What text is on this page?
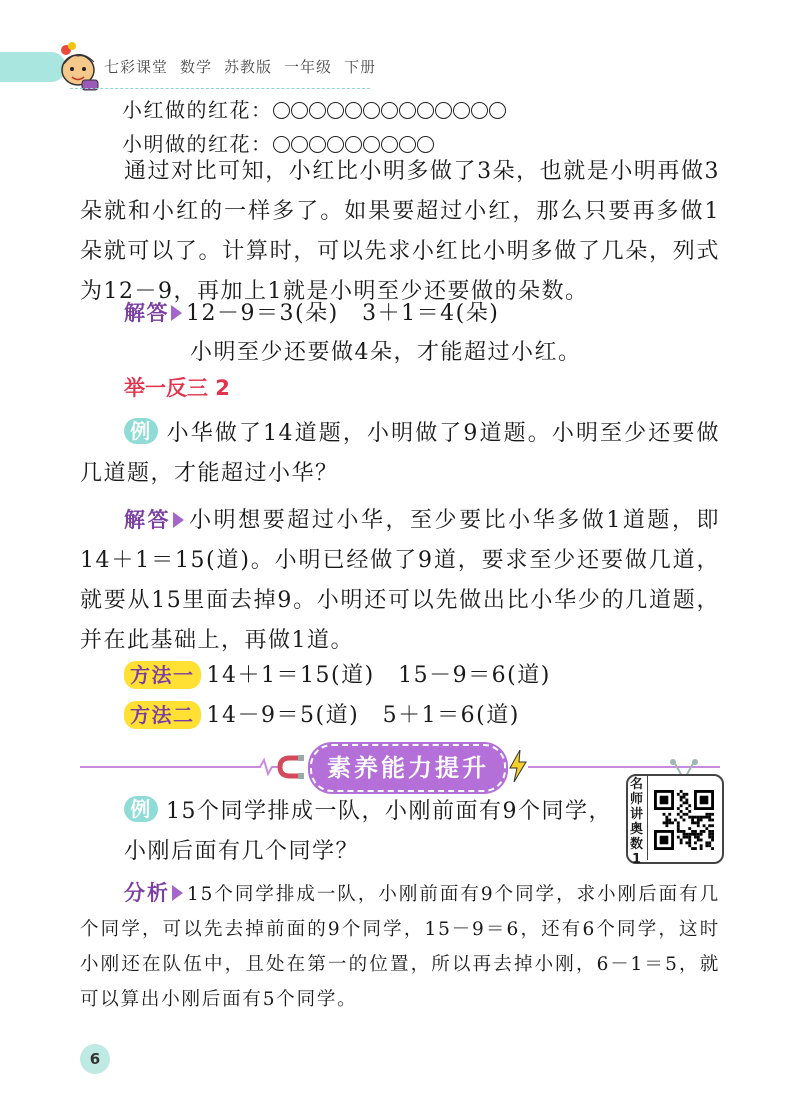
七彩课堂 数学 苏教版 一年级 下册
小红做的红花：
小明做的红花：
通过对比可知，小红比小明多做了3朵，也就是小明再做3朵就和小红的一样多了。如果要超过小红，那么只要再多做1朵就可以了。计算时，可以先求小红比小明多做了几朵，列式为12－9，再加上1就是小明至少还要做的朵数。
解答 12－9＝3(朵)　3＋1＝4(朵)
小明至少还要做4朵，才能超过小红。
举一反三 2
例 小华做了14道题，小明做了9道题。小明至少还要做几道题，才能超过小华？
解答 小明想要超过小华，至少要比小华多做1道题，即14＋1＝15(道)。小明已经做了9道，要求至少还要做几道，就要从15里面去掉9。小明还可以先做出比小华少的几道题，并在此基础上，再做1道。
方法一 14＋1＝15(道)　15－9＝6(道)
方法二 14－9＝5(道)　5＋1＝6(道)
素养能力提升
例 15个同学排成一队，小刚前面有9个同学，小刚后面有几个同学？
名
师
讲
奥
数
1
分析 15个同学排成一队，小刚前面有9个同学，求小刚后面有几个同学，可以先去掉前面的9个同学，15－9＝6，还有6个同学，这时小刚还在队伍中，且处在第一的位置，所以再去掉小刚，6－1＝5，就可以算出小刚后面有5个同学。
6
